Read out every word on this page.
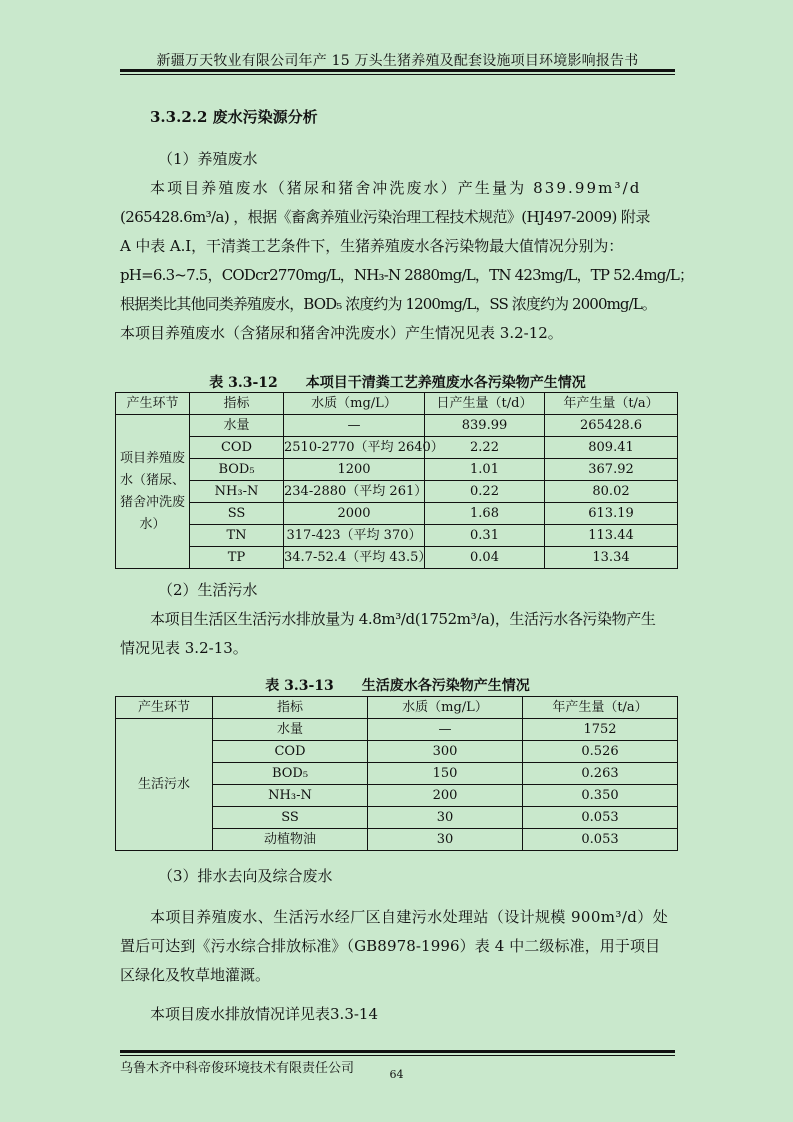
新疆万天牧业有限公司年产 15 万头生猪养殖及配套设施项目环境影响报告书
3.3.2.2 废水污染源分析
（1）养殖废水
本项目养殖废水（猪尿和猪舍冲洗废水）产生量为 839.99m³/d
(265428.6m³/a) ，根据《畜禽养殖业污染治理工程技术规范》(HJ497-2009) 附录
A 中表 A.I，干清粪工艺条件下，生猪养殖废水各污染物最大值情况分别为：
pH=6.3~7.5，CODcr2770mg/L，NH₃-N 2880mg/L，TN 423mg/L，TP 52.4mg/L；
根据类比其他同类养殖废水，BOD₅ 浓度约为 1200mg/L，SS 浓度约为 2000mg/L。
本项目养殖废水（含猪尿和猪舍冲洗废水）产生情况见表 3.2-12。
表 3.3-12 本项目干清粪工艺养殖废水各污染物产生情况
产生环节	指标	水质（mg/L）	日产生量（t/d）	年产生量（t/a）
项目养殖废水（猪尿、猪舍冲洗废水）	水量	—	839.99	265428.6
	COD	2510-2770（平均 2640）	2.22	809.41
	BOD₅	1200	1.01	367.92
	NH₃-N	234-2880（平均 261）	0.22	80.02
	SS	2000	1.68	613.19
	TN	317-423（平均 370）	0.31	113.44
	TP	34.7-52.4（平均 43.5）	0.04	13.34
（2）生活污水
本项目生活区生活污水排放量为 4.8m³/d(1752m³/a)，生活污水各污染物产生
情况见表 3.2-13。
表 3.3-13 生活废水各污染物产生情况
产生环节	指标	水质（mg/L）	年产生量（t/a）
生活污水	水量	—	1752
	COD	300	0.526
	BOD₅	150	0.263
	NH₃-N	200	0.350
	SS	30	0.053
	动植物油	30	0.053
（3）排水去向及综合废水
本项目养殖废水、生活污水经厂区自建污水处理站（设计规模 900m³/d）处
置后可达到《污水综合排放标准》（GB8978-1996）表 4 中二级标准，用于项目
区绿化及牧草地灌溉。
本项目废水排放情况详见表3.3-14
乌鲁木齐中科帝俊环境技术有限责任公司	64
